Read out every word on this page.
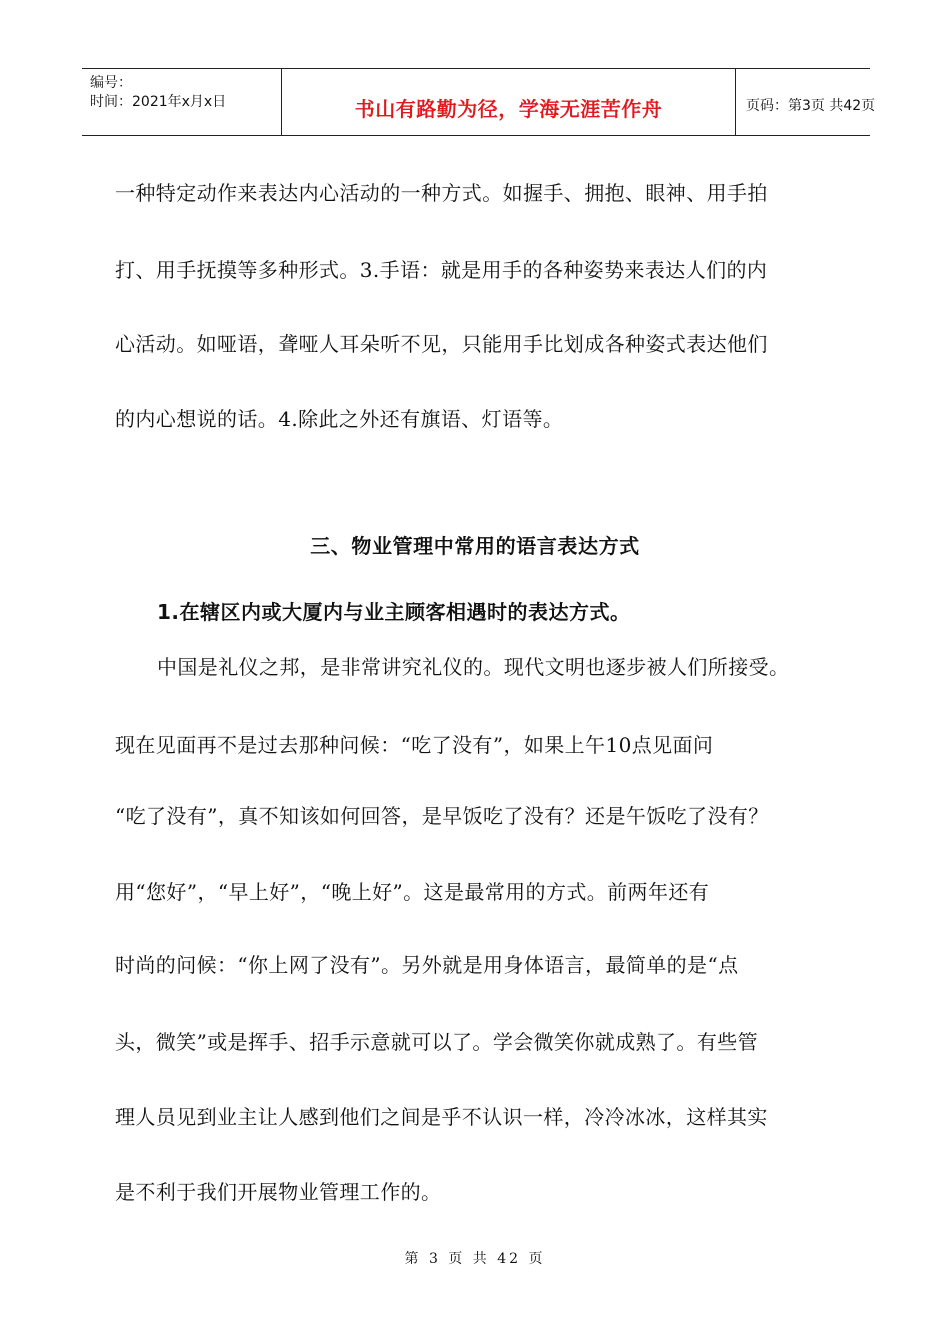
编号：
时间：2021年x月x日	书山有路勤为径，学海无涯苦作舟	页码：第3页 共42页
一种特定动作来表达内心活动的一种方式。如握手、拥抱、眼神、用手拍
打、用手抚摸等多种形式。3.手语：就是用手的各种姿势来表达人们的内
心活动。如哑语，聋哑人耳朵听不见，只能用手比划成各种姿式表达他们
的内心想说的话。4.除此之外还有旗语、灯语等。
三、物业管理中常用的语言表达方式
1.在辖区内或大厦内与业主顾客相遇时的表达方式。
中国是礼仪之邦，是非常讲究礼仪的。现代文明也逐步被人们所接受。
现在见面再不是过去那种问候：“吃了没有”，如果上午10点见面问
“吃了没有”，真不知该如何回答，是早饭吃了没有？还是午饭吃了没有？
用“您好”，“早上好”，“晚上好”。这是最常用的方式。前两年还有
时尚的问候：“你上网了没有”。另外就是用身体语言，最简单的是“点
头，微笑”或是挥手、招手示意就可以了。学会微笑你就成熟了。有些管
理人员见到业主让人感到他们之间是乎不认识一样，冷冷冰冰，这样其实
是不利于我们开展物业管理工作的。
第 3 页 共 42 页
